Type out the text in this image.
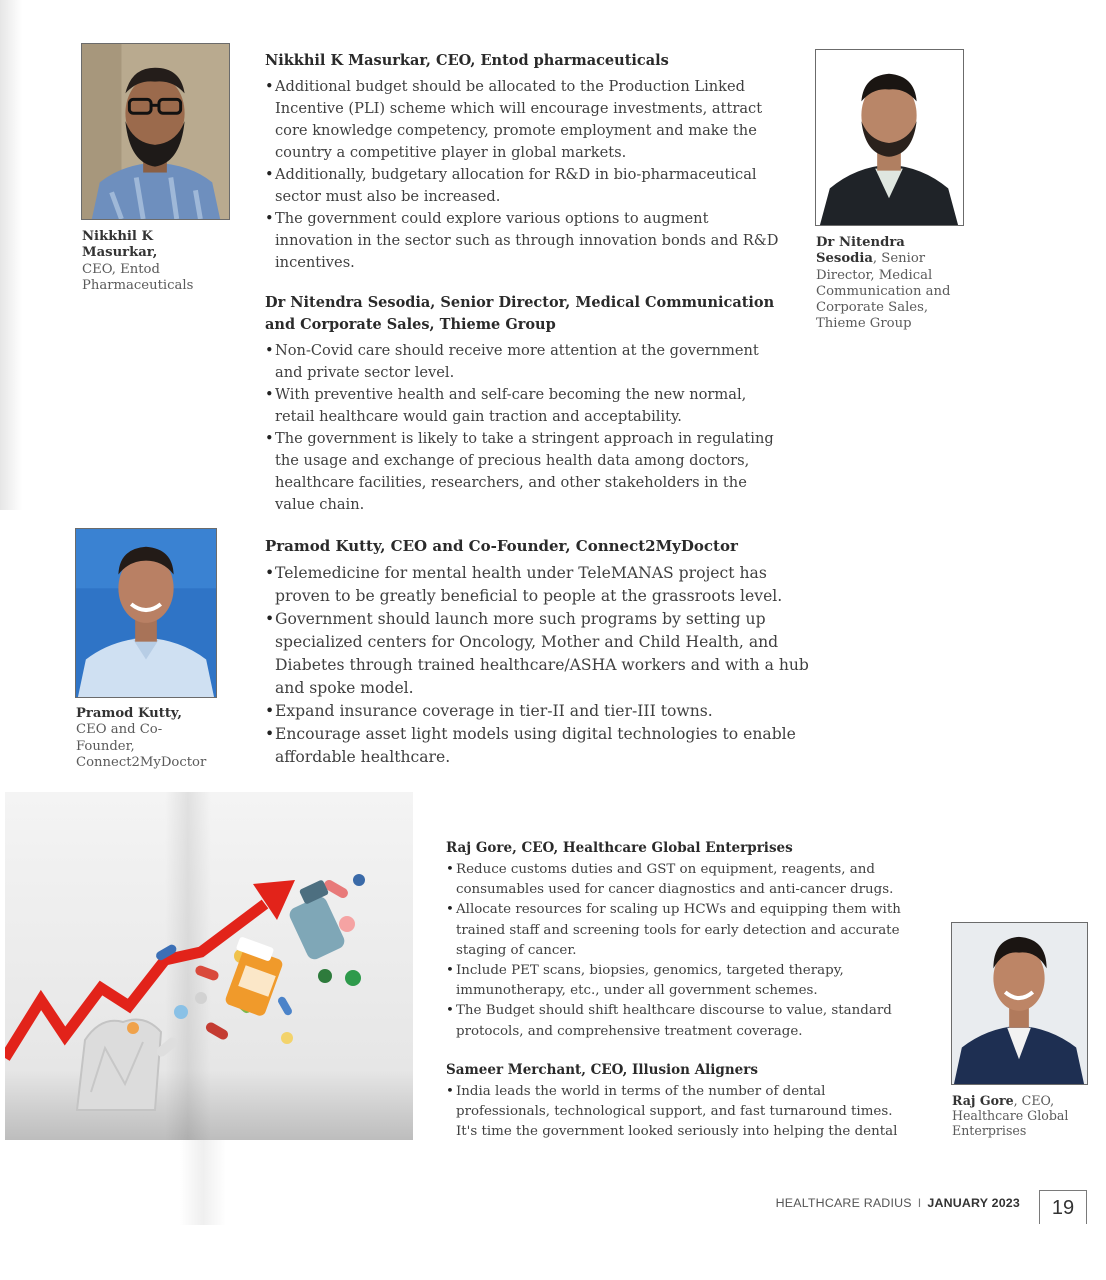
Nikkhil K Masurkar,
CEO, Entod Pharmaceuticals
Nikkhil K Masurkar, CEO, Entod pharmaceuticals
• Additional budget should be allocated to the Production Linked Incentive (PLI) scheme which will encourage investments, attract core knowledge competency, promote employment and make the country a competitive player in global markets.
• Additionally, budgetary allocation for R&D in bio-pharmaceutical sector must also be increased.
• The government could explore various options to augment innovation in the sector such as through innovation bonds and R&D incentives.
Dr Nitendra Sesodia, Senior Director, Medical Communication and Corporate Sales, Thieme Group
Dr Nitendra Sesodia, Senior Director, Medical Communication and Corporate Sales, Thieme Group
• Non-Covid care should receive more attention at the government and private sector level.
• With preventive health and self-care becoming the new normal, retail healthcare would gain traction and acceptability.
• The government is likely to take a stringent approach in regulating the usage and exchange of precious health data among doctors, healthcare facilities, researchers, and other stakeholders in the value chain.
Pramod Kutty,
CEO and Co-Founder, Connect2MyDoctor
Pramod Kutty, CEO and Co-Founder, Connect2MyDoctor
• Telemedicine for mental health under TeleMANAS project has proven to be greatly beneficial to people at the grassroots level.
• Government should launch more such programs by setting up specialized centers for Oncology, Mother and Child Health, and Diabetes through trained healthcare/ASHA workers and with a hub and spoke model.
• Expand insurance coverage in tier-II and tier-III towns.
• Encourage asset light models using digital technologies to enable affordable healthcare.
Raj Gore, CEO, Healthcare Global Enterprises
• Reduce customs duties and GST on equipment, reagents, and consumables used for cancer diagnostics and anti-cancer drugs.
• Allocate resources for scaling up HCWs and equipping them with trained staff and screening tools for early detection and accurate staging of cancer.
• Include PET scans, biopsies, genomics, targeted therapy, immunotherapy, etc., under all government schemes.
• The Budget should shift healthcare discourse to value, standard protocols, and comprehensive treatment coverage.
Sameer Merchant, CEO, Illusion Aligners
• India leads the world in terms of the number of dental professionals, technological support, and fast turnaround times. It's time the government looked seriously into helping the dental
Raj Gore, CEO, Healthcare Global Enterprises
HEALTHCARE RADIUS I JANUARY 2023	19
